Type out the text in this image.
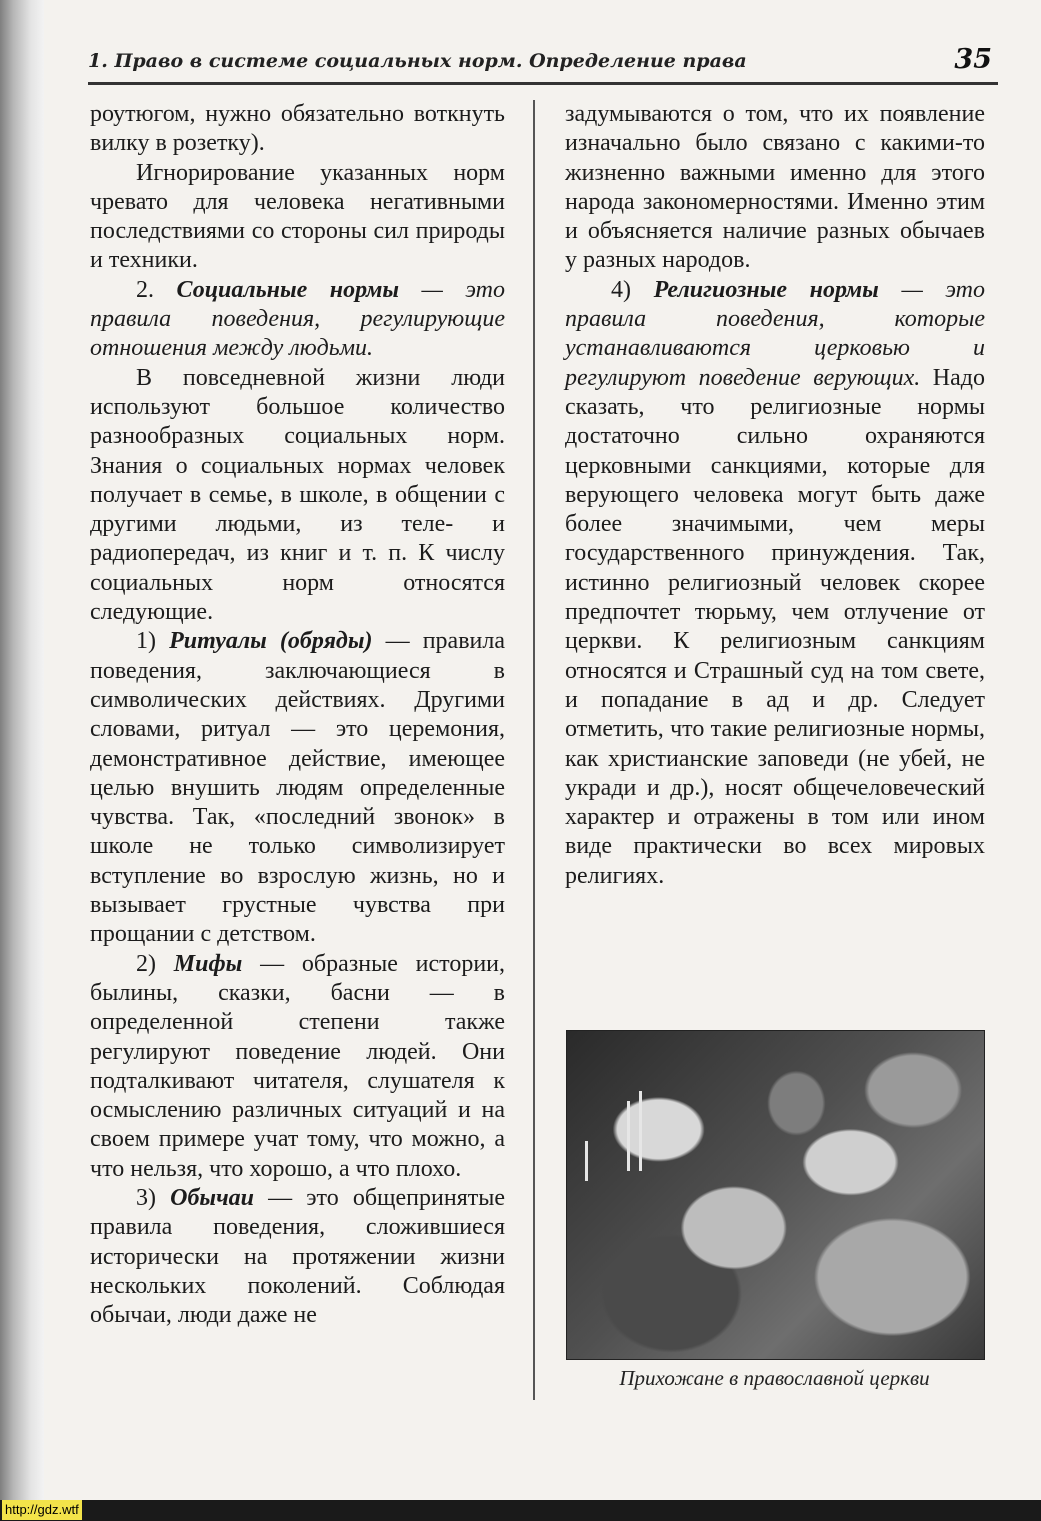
1. Право в системе социальных норм. Определение права	35

роутюгом, нужно обязательно воткнуть вилку в розетку).

Игнорирование указанных норм чревато для человека негативными последствиями со стороны сил природы и техники.

2. Социальные нормы — это правила поведения, регулирующие отношения между людьми.

В повседневной жизни люди используют большое количество разнообразных социальных норм. Знания о социальных нормах человек получает в семье, в школе, в общении с другими людьми, из теле- и радиопередач, из книг и т. п. К числу социальных норм относятся следующие.

1) Ритуалы (обряды) — правила поведения, заключающиеся в символических действиях. Другими словами, ритуал — это церемония, демонстративное действие, имеющее целью внушить людям определенные чувства. Так, «последний звонок» в школе не только символизирует вступление во взрослую жизнь, но и вызывает грустные чувства при прощании с детством.

2) Мифы — образные истории, былины, сказки, басни — в определенной степени также регулируют поведение людей. Они подталкивают читателя, слушателя к осмыслению различных ситуаций и на своем примере учат тому, что можно, а что нельзя, что хорошо, а что плохо.

3) Обычаи — это общепринятые правила поведения, сложившиеся исторически на протяжении жизни нескольких поколений. Соблюдая обычаи, люди даже не

задумываются о том, что их появление изначально было связано с какими-то жизненно важными именно для этого народа закономерностями. Именно этим и объясняется наличие разных обычаев у разных народов.

4) Религиозные нормы — это правила поведения, которые устанавливаются церковью и регулируют поведение верующих. Надо сказать, что религиозные нормы достаточно сильно охраняются церковными санкциями, которые для верующего человека могут быть даже более значимыми, чем меры государственного принуждения. Так, истинно религиозный человек скорее предпочтет тюрьму, чем отлучение от церкви. К религиозным санкциям относятся и Страшный суд на том свете, и попадание в ад и др. Следует отметить, что такие религиозные нормы, как христианские заповеди (не убей, не укради и др.), носят общечеловеческий характер и отражены в том или ином виде практически во всех мировых религиях.

Прихожане в православной церкви
http://gdz.wtf
